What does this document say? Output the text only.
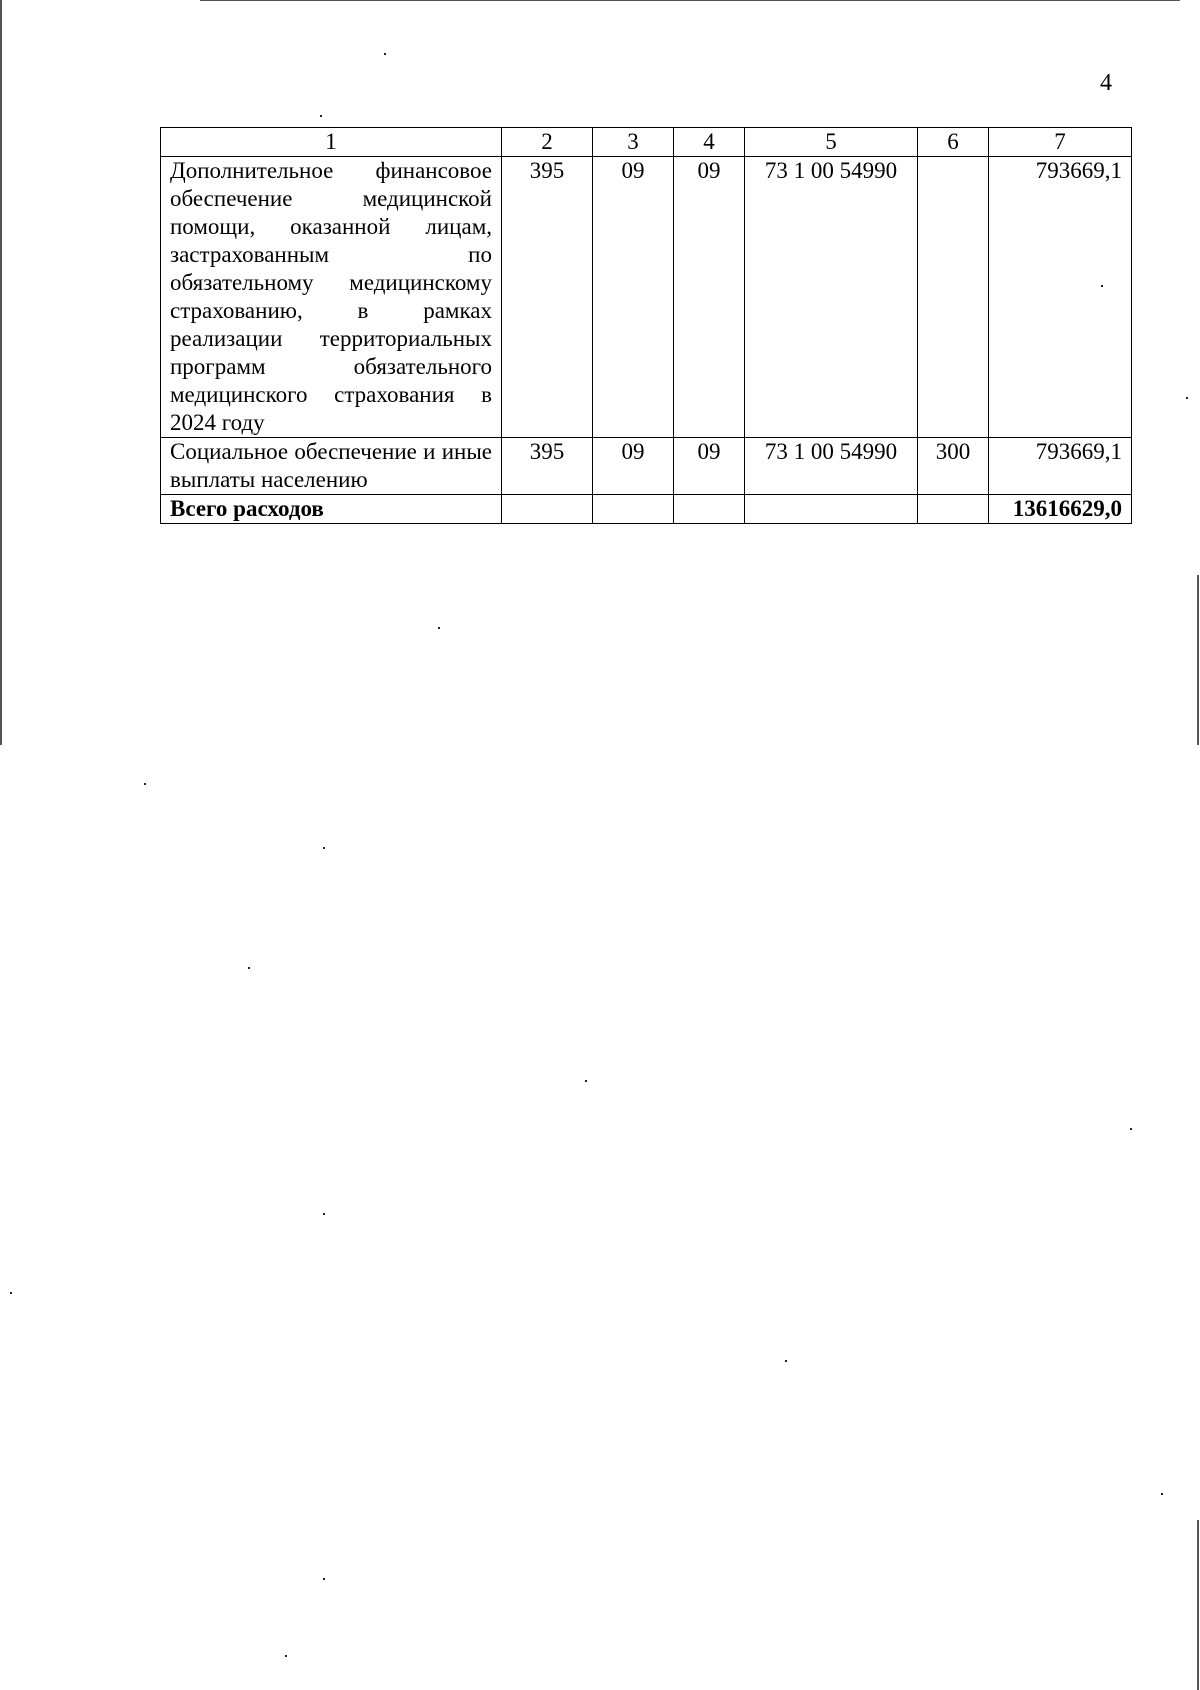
4
1	2	3	4	5	6	7
Дополнительное финансовое обеспечение медицинской помощи, оказанной лицам, застрахованным по обязательному медицинскому страхованию, в рамках реализации территориальных программ обязательного медицинского страхования в 2024 году	395	09	09	73 1 00 54990		793669,1
Социальное обеспечение и иные выплаты населению	395	09	09	73 1 00 54990	300	793669,1
Всего расходов						13616629,0
